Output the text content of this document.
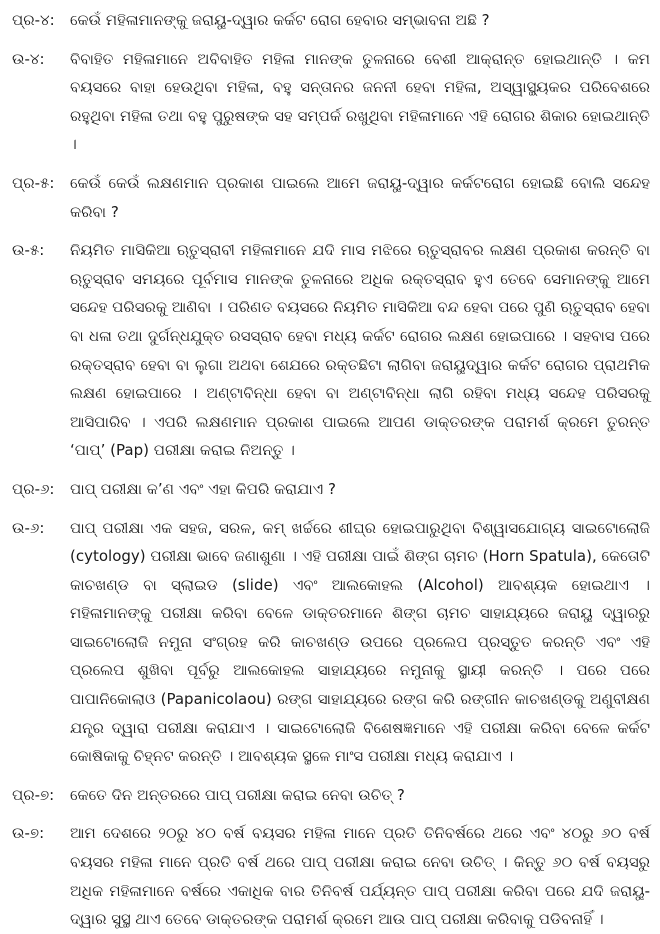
ପ୍ର-୪:	କେଉଁ ମହିଳାମାନଙ୍କୁ ଜରାୟୁ-ଦ୍ୱାର କର୍କଟ ରୋଗ ହେବାର ସମ୍ଭାବନା ଅଛି ?
ଉ-୪:	ବିବାହିତ ମହିଳାମାନେ ଅବିବାହିତ ମହିଳା ମାନଙ୍କ ତୁଳନାରେ ବେଶୀ ଆକ୍ରାନ୍ତ ହୋଇଥାନ୍ତି । କମ ବୟସରେ ବାହା ହେଉଥିବା ମହିଳା, ବହୁ ସନ୍ତାନର ଜନନୀ ହେବା ମହିଳା, ଅସ୍ୱାସ୍ଥ୍ୟକର ପରିବେଶରେ ରହୁଥିବା ମହିଳା ତଥା ବହୁ ପୁରୁଷଙ୍କ ସହ ସମ୍ପର୍କ ରଖୁଥିବା ମହିଳାମାନେ ଏହି ରୋଗର ଶିକାର ହୋଇଥାନ୍ତି ।
ପ୍ର-୫:	କେଉଁ କେଉଁ ଲକ୍ଷଣମାନ ପ୍ରକାଶ ପାଇଲେ ଆମେ ଜରାୟୁ-ଦ୍ୱାର କର୍କଟରୋଗ ହୋଇଛି ବୋଲି ସନ୍ଦେହ କରିବା ?
ଉ-୫:	ନିୟମିତ ମାସିକିଆ ଋତୁସ୍ରାବୀ ମହିଳାମାନେ ଯଦି ମାସ ମଝିରେ ଋତୁସ୍ରାବର ଲକ୍ଷଣ ପ୍ରକାଶ କରନ୍ତି ବା ଋତୁସ୍ରାବ ସମୟରେ ପୂର୍ବମାସ ମାନଙ୍କ ତୁଳନାରେ ଅଧିକ ରକ୍ତସ୍ରାବ ହୁଏ ତେବେ ସେମାନଙ୍କୁ ଆମେ ସନ୍ଦେହ ପରିସରକୁ ଆଣିବା । ପରିଣତ ବୟସରେ ନିୟମିତ ମାସିକିଆ ବନ୍ଦ ହେବା ପରେ ପୁଣି ଋତୁସ୍ରାବ ହେବା ବା ଧଳା ତଥା ଦୁର୍ଗନ୍ଧଯୁକ୍ତ ରସସ୍ରାବ ହେବା ମଧ୍ୟ କର୍କଟ ରୋଗର ଲକ୍ଷଣ ହୋଇପାରେ । ସହବାସ ପରେ ରକ୍ତସ୍ରାବ ହେବା ବା ଲୁଗା ଅଥବା ଶେଯରେ ରକ୍ତଛିଟା ଲାଗିବା ଜରାୟୁଦ୍ୱାର କର୍କଟ ରୋଗର ପ୍ରାଥମିକ ଲକ୍ଷଣ ହୋଇପାରେ । ଅଣ୍ଟାବିନ୍ଧା ହେବା ବା ଅଣ୍ଟାବିନ୍ଧା ଲାଗି ରହିବା ମଧ୍ୟ ସନ୍ଦେହ ପରିସରକୁ ଆସିପାରିବ । ଏପରି ଲକ୍ଷଣମାନ ପ୍ରକାଶ ପାଇଲେ ଆପଣ ଡାକ୍ତରଙ୍କ ପରାମର୍ଶ କ୍ରମେ ତୁରନ୍ତ ‘ପାପ୍’ (Pap) ପରୀକ୍ଷା କରାଇ ନିଅନ୍ତୁ ।
ପ୍ର-୬:	ପାପ୍ ପରୀକ୍ଷା କ’ଣ ଏବଂ ଏହା କିପରି କରାଯାଏ ?
ଉ-୬:	ପାପ୍ ପରୀକ୍ଷା ଏକ ସହଜ, ସରଳ, କମ୍ ଖର୍ଚ୍ଚରେ ଶୀଘ୍ର ହୋଇପାରୁଥିବା ବିଶ୍ୱାସଯୋଗ୍ୟ ସାଇଟୋଲୋଜି (cytology) ପରୀକ୍ଷା ଭାବେ ଜଣାଶୁଣା । ଏହି ପରୀକ୍ଷା ପାଇଁ ଶିଙ୍ଗ ଚାମଚ (Horn Spatula), କେତୋଟି କାଚଖଣ୍ଡ ବା ସ୍ଲାଇଡ (slide) ଏବଂ ଆଲକୋହଲ (Alcohol) ଆବଶ୍ୟକ ହୋଇଥାଏ । ମହିଳାମାନଙ୍କୁ ପରୀକ୍ଷା କରିବା ବେଳେ ଡାକ୍ତରମାନେ ଶିଙ୍ଗ ଚାମଚ ସାହାଯ୍ୟରେ ଜରାୟୁ ଦ୍ୱାରରୁ ସାଇଟୋଲୋଜି ନମୁନା ସଂଗ୍ରହ କରି କାଚଖଣ୍ଡ ଉପରେ ପ୍ରଲେପ ପ୍ରସ୍ତୁତ କରନ୍ତି ଏବଂ ଏହି ପ୍ରଲେପ ଶୁଖିବା ପୂର୍ବରୁ ଆଲକୋହଲ ସାହାଯ୍ୟରେ ନମୁନାକୁ ସ୍ଥାୟୀ କରନ୍ତି । ପରେ ପରେ ପାପାନିକୋଲାଓ (Papanicolaou) ରଙ୍ଗ ସାହାଯ୍ୟରେ ରଙ୍ଗ କରି ରଙ୍ଗୀନ କାଚଖଣ୍ଡକୁ ଅଣୁବୀକ୍ଷଣ ଯନ୍ତ୍ର ଦ୍ୱାରା ପରୀକ୍ଷା କରାଯାଏ । ସାଇଟୋଲୋଜି ବିଶେଷଜ୍ଞମାନେ ଏହି ପରୀକ୍ଷା କରିବା ବେଳେ କର୍କଟ କୋଷିକାକୁ ଚିହ୍ନଟ କରନ୍ତି । ଆବଶ୍ୟକ ସ୍ଥଳେ ମାଂସ ପରୀକ୍ଷା ମଧ୍ୟ କରାଯାଏ ।
ପ୍ର-୭:	କେତେ ଦିନ ଅନ୍ତରରେ ପାପ୍ ପରୀକ୍ଷା କରାଇ ନେବା ଉଚିତ୍ ?
ଉ-୭:	ଆମ ଦେଶରେ ୨୦ରୁ ୪୦ ବର୍ଷ ବୟସର ମହିଳା ମାନେ ପ୍ରତି ତିନିବର୍ଷରେ ଥରେ ଏବଂ ୪୦ରୁ ୬୦ ବର୍ଷ ବୟସର ମହିଳା ମାନେ ପ୍ରତି ବର୍ଷ ଥରେ ପାପ୍ ପରୀକ୍ଷା କରାଇ ନେବା ଉଚିତ୍ । କିନ୍ତୁ ୬୦ ବର୍ଷ ବୟସରୁ ଅଧିକ ମହିଳାମାନେ ବର୍ଷରେ ଏକାଧିକ ବାର ତିନିବର୍ଷ ପର୍ଯ୍ୟନ୍ତ ପାପ୍ ପରୀକ୍ଷା କରିବା ପରେ ଯଦି ଜରାୟୁ-ଦ୍ୱାର ସୁସ୍ଥ ଥାଏ ତେବେ ଡାକ୍ତରଙ୍କ ପରାମର୍ଶ କ୍ରମେ ଆଉ ପାପ୍ ପରୀକ୍ଷା କରିବାକୁ ପଡିବନାହିଁ ।
